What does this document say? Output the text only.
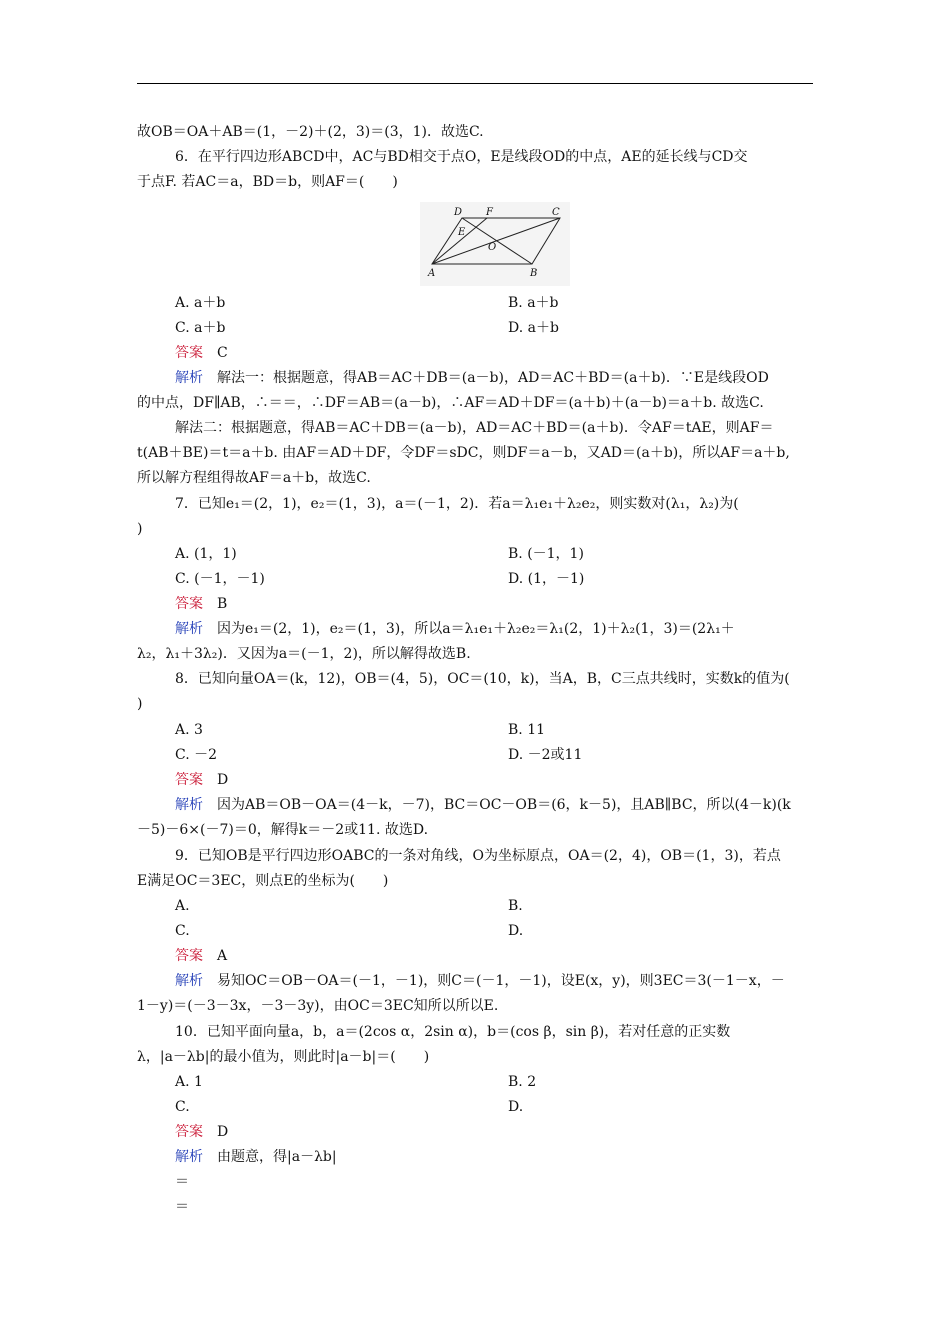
故OB＝OA＋AB＝(1，－2)＋(2，3)＝(3，1)．故选C.
6．在平行四边形ABCD中，AC与BD相交于点O，E是线段OD的中点，AE的延长线与CD交
于点F. 若AC＝a，BD＝b，则AF＝(　　)
D F	C
E
O
A	B
A. a＋b	B. a＋b
C. a＋b	D. a＋b
答案　 C
解析　 解法一：根据题意，得AB＝AC＋DB＝(a－b)，AD＝AC＋BD＝(a＋b)．∵E是线段OD
的中点，DF∥AB，∴＝＝，∴DF＝AB＝(a－b)，∴AF＝AD＋DF＝(a＋b)＋(a－b)＝a＋b. 故选C.
解法二：根据题意，得AB＝AC＋DB＝(a－b)，AD＝AC＋BD＝(a＋b)．令AF＝tAE，则AF＝
t(AB＋BE)＝t＝a＋b. 由AF＝AD＋DF，令DF＝sDC，则DF＝a－b，又AD＝(a＋b)，所以AF＝a＋b,
所以解方程组得故AF＝a＋b，故选C.
7．已知e₁＝(2，1)，e₂＝(1，3)，a＝(－1，2)．若a＝λ₁e₁＋λ₂e₂，则实数对(λ₁，λ₂)为(
)
A. (1，1)	B. (－1，1)
C. (－1，－1)	D. (1，－1)
答案　 B
解析　 因为e₁＝(2，1)，e₂＝(1，3)，所以a＝λ₁e₁＋λ₂e₂＝λ₁(2，1)＋λ₂(1，3)＝(2λ₁＋
λ₂，λ₁＋3λ₂)．又因为a＝(－1，2)，所以解得故选B.
8．已知向量OA＝(k，12)，OB＝(4，5)，OC＝(10，k)，当A，B，C三点共线时，实数k的值为(
)
A. 3	B. 11
C. －2	D. －2或11
答案　 D
解析　 因为AB＝OB－OA＝(4－k，－7)，BC＝OC－OB＝(6，k－5)，且AB∥BC，所以(4－k)(k
－5)－6×(－7)＝0，解得k＝－2或11. 故选D.
9．已知OB是平行四边形OABC的一条对角线，O为坐标原点，OA＝(2，4)，OB＝(1，3)，若点
E满足OC＝3EC，则点E的坐标为(　　)
A.	B.
C.	D.
答案　 A
解析　 易知OC＝OB－OA＝(－1，－1)，则C＝(－1，－1)，设E(x，y)，则3EC＝3(－1－x，－
1－y)＝(－3－3x，－3－3y)，由OC＝3EC知所以所以E.
10．已知平面向量a，b，a＝(2cos α，2sin α)，b＝(cos β，sin β)，若对任意的正实数
λ，|a－λb|的最小值为，则此时|a－b|＝(　　)
A. 1	B. 2
C.	D.
答案　 D
解析　 由题意，得|a－λb|
＝
＝
